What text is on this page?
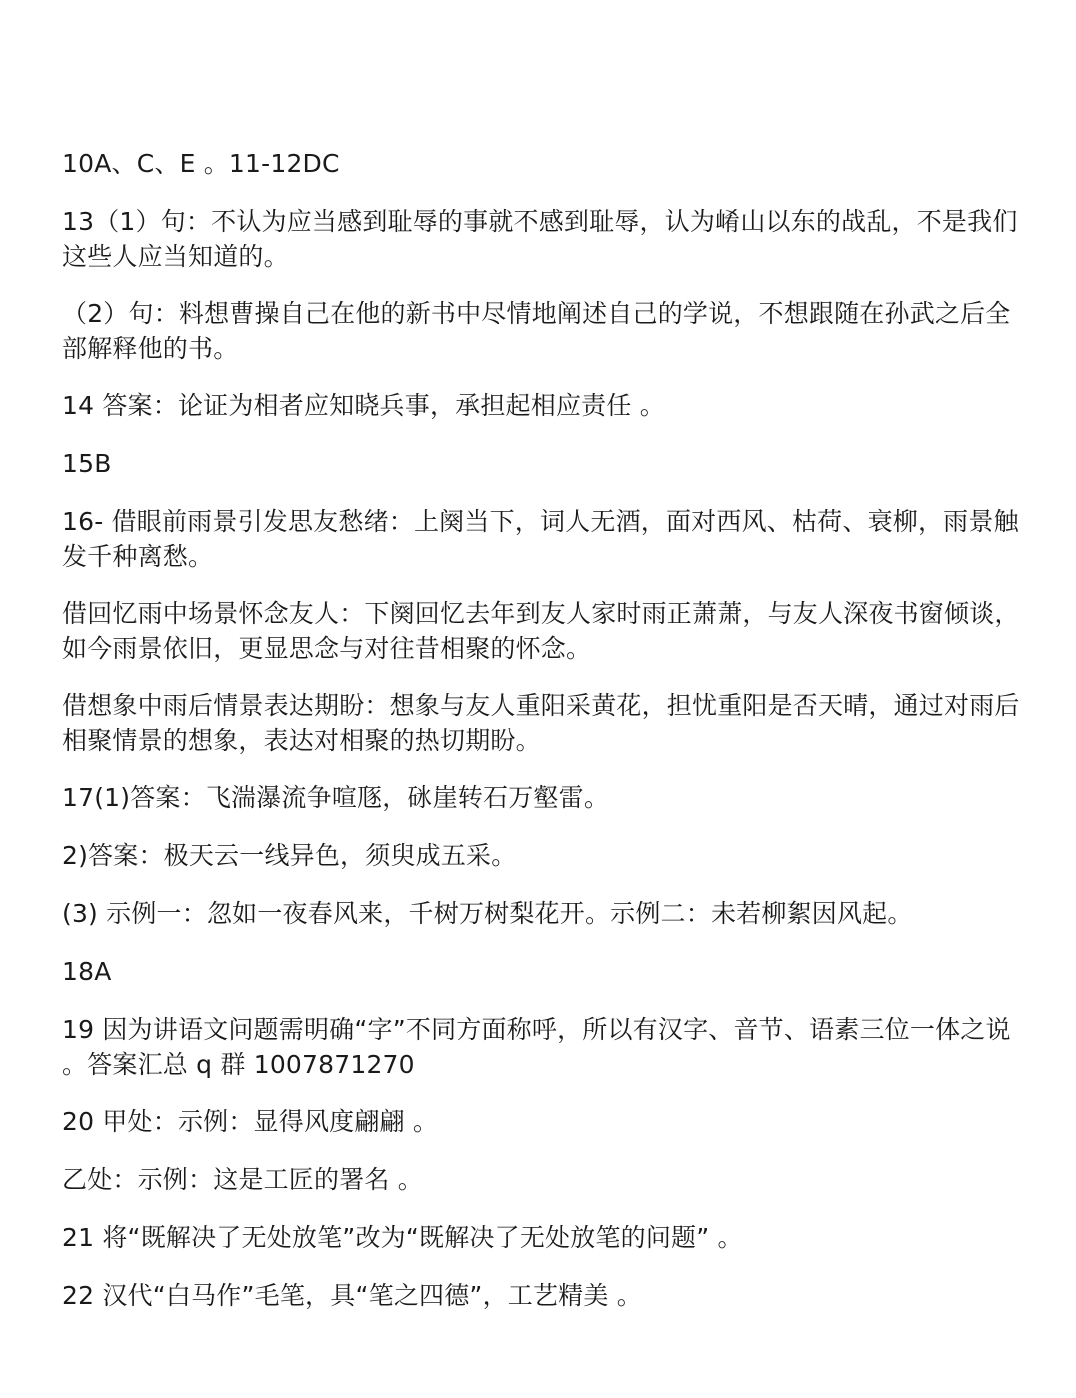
10A、C、E 。11-12DC

13（1）句：不认为应当感到耻辱的事就不感到耻辱，认为崤山以东的战乱，不是我们这些人应当知道的。

（2）句：料想曹操自己在他的新书中尽情地阐述自己的学说，不想跟随在孙武之后全部解释他的书。

14 答案：论证为相者应知晓兵事，承担起相应责任 。

15B

16- 借眼前雨景引发思友愁绪：上阕当下，词人无酒，面对西风、枯荷、衰柳，雨景触发千种离愁。

借回忆雨中场景怀念友人：下阕回忆去年到友人家时雨正萧萧，与友人深夜书窗倾谈，如今雨景依旧，更显思念与对往昔相聚的怀念。

借想象中雨后情景表达期盼：想象与友人重阳采黄花，担忧重阳是否天晴，通过对雨后相聚情景的想象，表达对相聚的热切期盼。

17(1)答案：飞湍瀑流争喧豗，砯崖转石万壑雷。

2)答案：极天云一线异色，须臾成五采。

(3) 示例一：忽如一夜春风来，千树万树梨花开。示例二：未若柳絮因风起。

18A

19 因为讲语文问题需明确“字”不同方面称呼，所以有汉字、音节、语素三位一体之说 。答案汇总 q 群 1007871270

20 甲处：示例：显得风度翩翩 。

乙处：示例：这是工匠的署名 。

21 将“既解决了无处放笔”改为“既解决了无处放笔的问题” 。

22 汉代“白马作”毛笔，具“笔之四德”，工艺精美 。
